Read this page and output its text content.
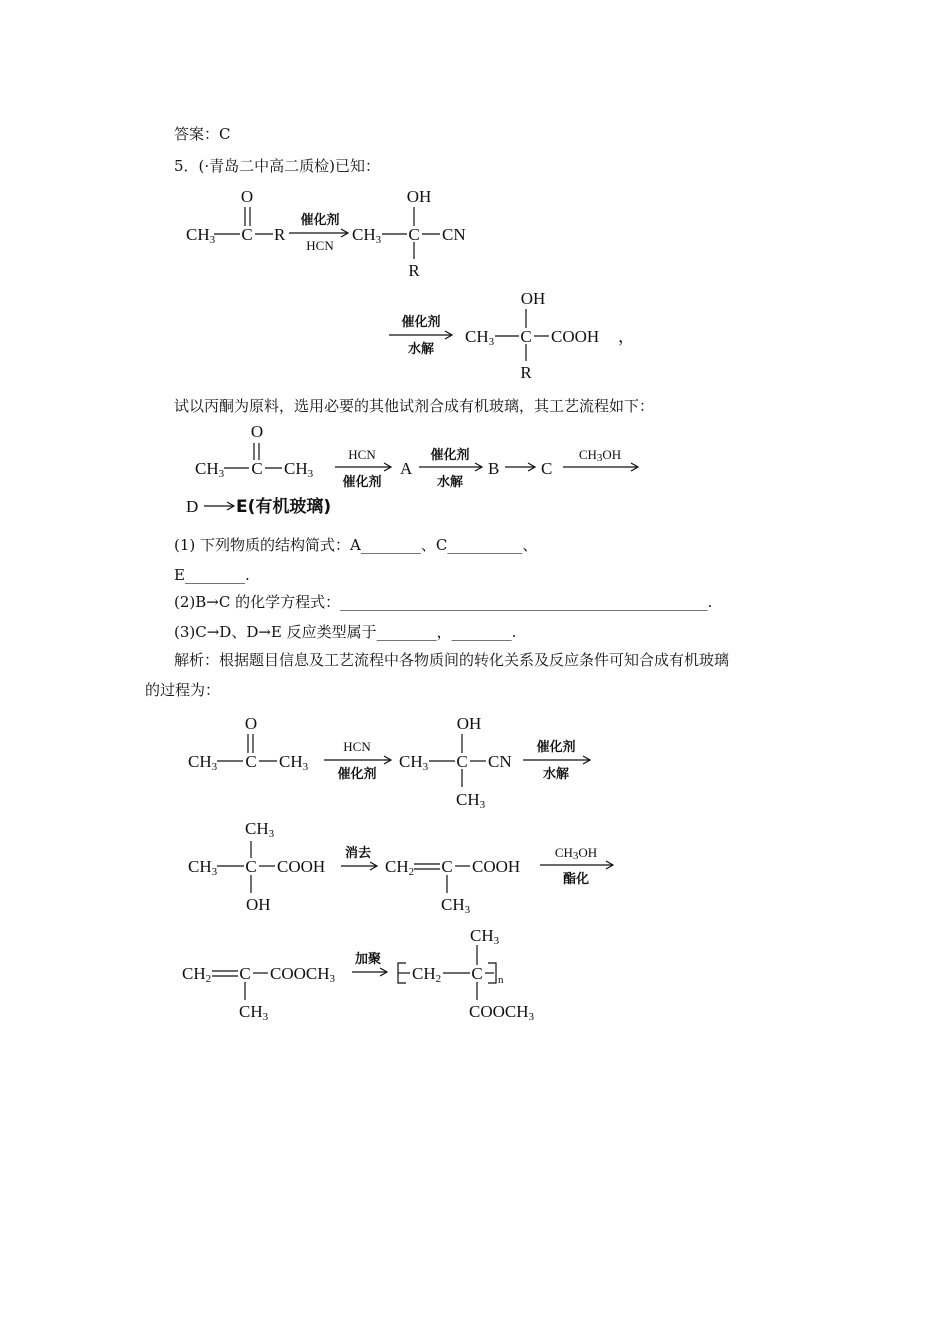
答案：C
5．(·青岛二中高二质检)已知：
O
CH3 C R
催化剂
HCN
OH
CH3 C CN
R
催化剂
水解
OH
CH3 C COOH ，
R
O
CH3 C CH3
HCN
催化剂
A
催化剂
水解
B C
CH3OH
D E(有机玻璃)
试以丙酮为原料，选用必要的其他试剂合成有机玻璃，其工艺流程如下：
(1) 下列物质的结构简式：A________、C__________、
E________.
(2)B→C 的化学方程式：_________________________________________________.
(3)C→D、D→E 反应类型属于________，________.
解析：根据题目信息及工艺流程中各物质间的转化关系及反应条件可知合成有机玻璃
的过程为：
O
CH3 C CH3
HCN
催化剂
OH
CH3 C CN
CH3
催化剂
水解
CH3
CH3 C COOH
OH
消去
CH2 C COOH
CH3
CH3OH
酯化
CH2 C COOCH3
CH3
加聚
CH2 C n
CH3
COOCH3
